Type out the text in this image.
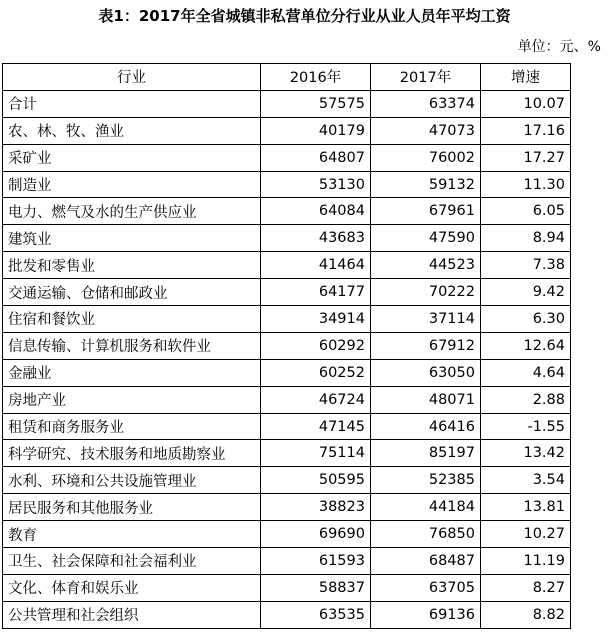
表1：2017年全省城镇非私营单位分行业从业人员年平均工资
单位：元、%
行业	2016年	2017年	增速
合计	57575	63374	10.07
农、林、牧、渔业	40179	47073	17.16
采矿业	64807	76002	17.27
制造业	53130	59132	11.30
电力、燃气及水的生产供应业	64084	67961	6.05
建筑业	43683	47590	8.94
批发和零售业	41464	44523	7.38
交通运输、仓储和邮政业	64177	70222	9.42
住宿和餐饮业	34914	37114	6.30
信息传输、计算机服务和软件业	60292	67912	12.64
金融业	60252	63050	4.64
房地产业	46724	48071	2.88
租赁和商务服务业	47145	46416	-1.55
科学研究、技术服务和地质勘察业	75114	85197	13.42
水利、环境和公共设施管理业	50595	52385	3.54
居民服务和其他服务业	38823	44184	13.81
教育	69690	76850	10.27
卫生、社会保障和社会福利业	61593	68487	11.19
文化、体育和娱乐业	58837	63705	8.27
公共管理和社会组织	63535	69136	8.82
